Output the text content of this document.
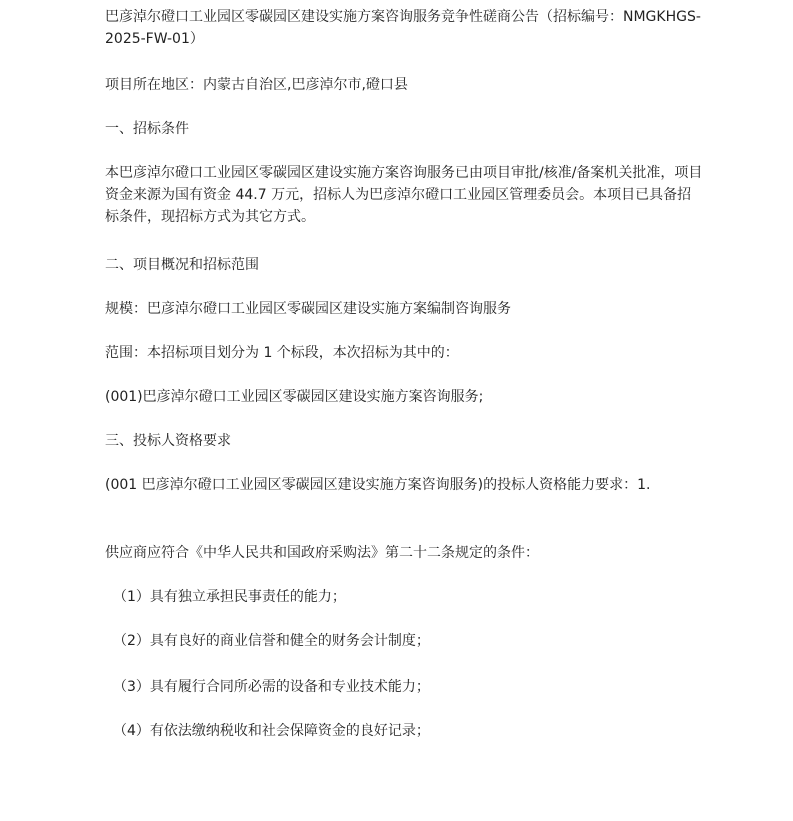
巴彦淖尔磴口工业园区零碳园区建设实施方案咨询服务竞争性磋商公告（招标编号：NMGKHGS-2025-FW-01）

项目所在地区：内蒙古自治区,巴彦淖尔市,磴口县

一、招标条件

本巴彦淖尔磴口工业园区零碳园区建设实施方案咨询服务已由项目审批/核准/备案机关批准，项目资金来源为国有资金 44.7 万元，招标人为巴彦淖尔磴口工业园区管理委员会。本项目已具备招标条件，现招标方式为其它方式。

二、项目概况和招标范围

规模：巴彦淖尔磴口工业园区零碳园区建设实施方案编制咨询服务

范围：本招标项目划分为 1 个标段，本次招标为其中的：

(001)巴彦淖尔磴口工业园区零碳园区建设实施方案咨询服务;

三、投标人资格要求

(001 巴彦淖尔磴口工业园区零碳园区建设实施方案咨询服务)的投标人资格能力要求：1.

供应商应符合《中华人民共和国政府采购法》第二十二条规定的条件：

（1）具有独立承担民事责任的能力；

（2）具有良好的商业信誉和健全的财务会计制度；

（3）具有履行合同所必需的设备和专业技术能力；

（4）有依法缴纳税收和社会保障资金的良好记录；
